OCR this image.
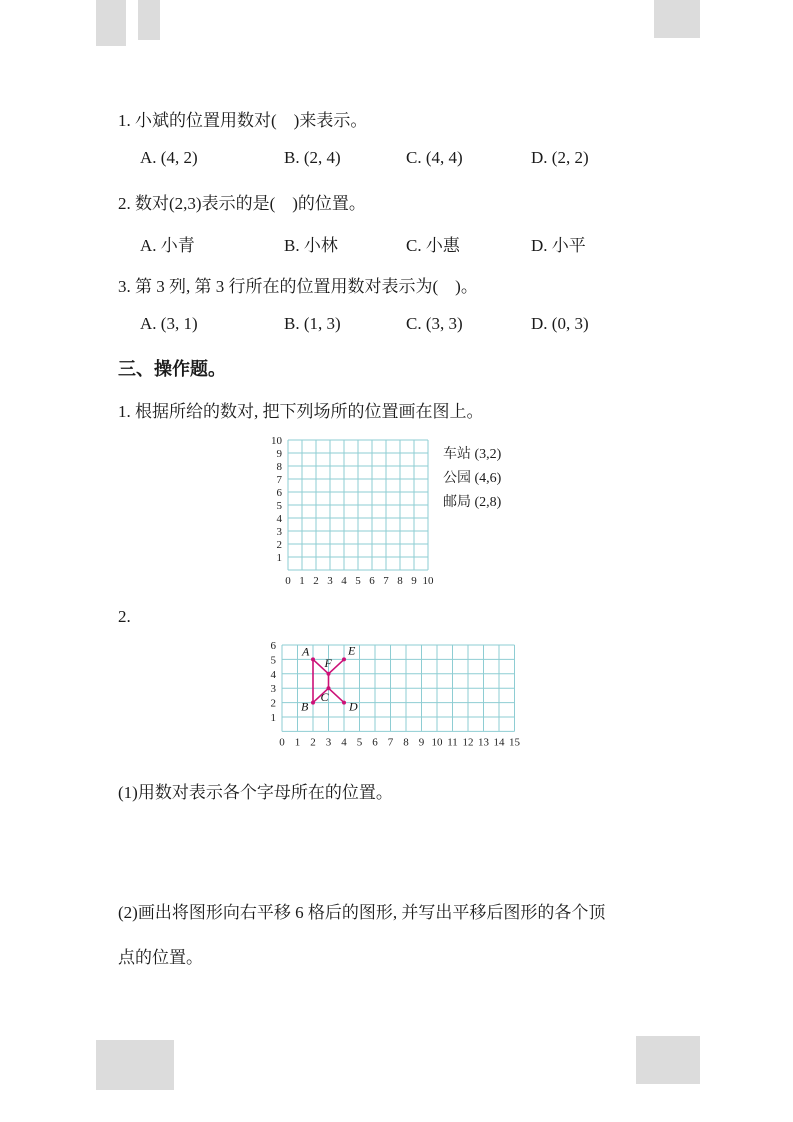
1. 小斌的位置用数对(    )来表示。
A. (4, 2)	B. (2, 4)	C. (4, 4)	D. (2, 2)
2. 数对(2,3)表示的是(    )的位置。
A. 小青	B. 小林	C. 小惠	D. 小平
3. 第 3 列, 第 3 行所在的位置用数对表示为(    )。
A. (3, 1)	B. (1, 3)	C. (3, 3)	D. (0, 3)
三、操作题。
1. 根据所给的数对, 把下列场所的位置画在图上。
0 1 2 3 4 5 6 7 8 9 10
1
2
3
4
5
6
7
8
9
10
车站 (3,2)
公园 (4,6)
邮局 (2,8)
2.
0 1 2 3 4 5 6 7 8 9 10 11 12 13 14 15
1
2
3
4
5
6 A	E
F
B
C
D
(1)用数对表示各个字母所在的位置。
(2)画出将图形向右平移 6 格后的图形, 并写出平移后图形的各个顶
点的位置。
